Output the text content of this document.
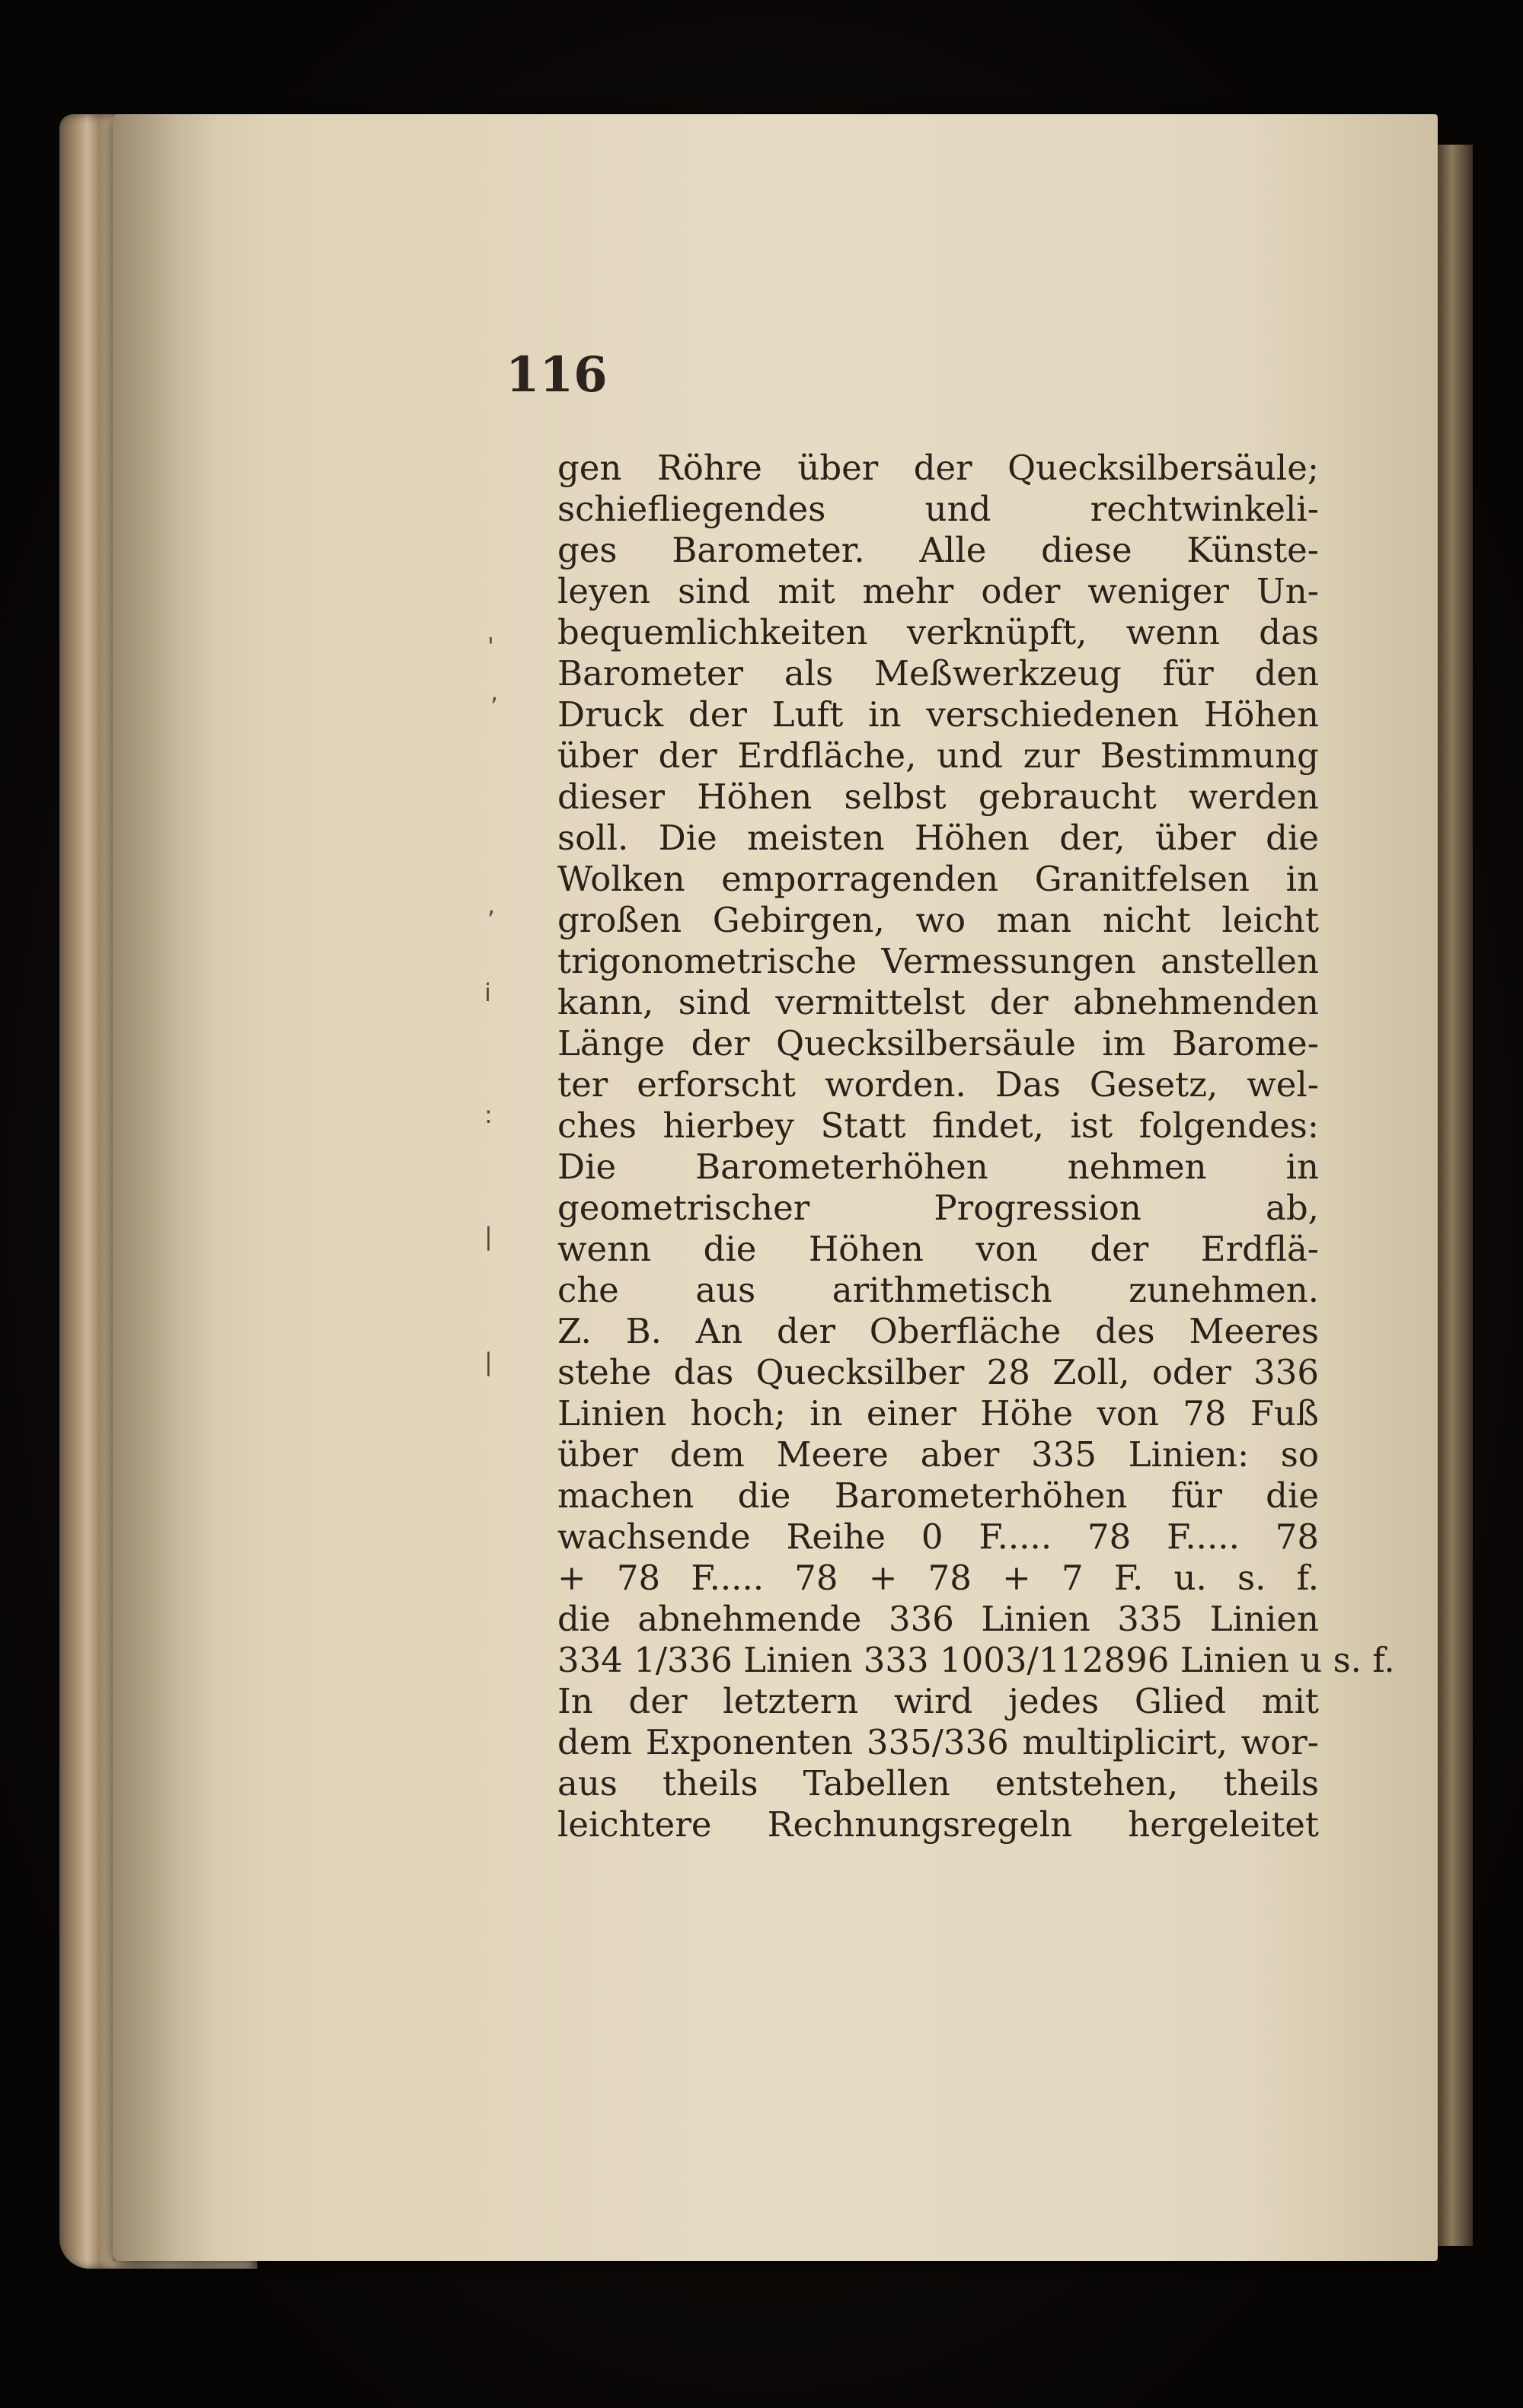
'
,
,
i
:
|
|
116
gen Röhre über der Quecksilbersäule;
schiefliegendes und rechtwinkeli-
ges Barometer. Alle diese Künste-
leyen sind mit mehr oder weniger Un-
bequemlichkeiten verknüpft, wenn das
Barometer als Meßwerkzeug für den
Druck der Luft in verschiedenen Höhen
über der Erdfläche, und zur Bestimmung
dieser Höhen selbst gebraucht werden
soll. Die meisten Höhen der, über die
Wolken emporragenden Granitfelsen in
großen Gebirgen, wo man nicht leicht
trigonometrische Vermessungen anstellen
kann, sind vermittelst der abnehmenden
Länge der Quecksilbersäule im Barome-
ter erforscht worden. Das Gesetz, wel-
ches hierbey Statt findet, ist folgendes:
Die Barometerhöhen nehmen in
geometrischer Progression ab,
wenn die Höhen von der Erdflä-
che aus arithmetisch zunehmen.
Z. B. An der Oberfläche des Meeres
stehe das Quecksilber 28 Zoll, oder 336
Linien hoch; in einer Höhe von 78 Fuß
über dem Meere aber 335 Linien: so
machen die Barometerhöhen für die
wachsende Reihe 0 F..... 78 F..... 78
+ 78 F..... 78 + 78 + 7 F. u. s. f.
die abnehmende 336 Linien 335 Linien
334 1/336 Linien 333 1003/112896 Linien u s. f.
In der letztern wird jedes Glied mit
dem Exponenten 335/336 multiplicirt, wor-
aus theils Tabellen entstehen, theils
leichtere Rechnungsregeln hergeleitet
